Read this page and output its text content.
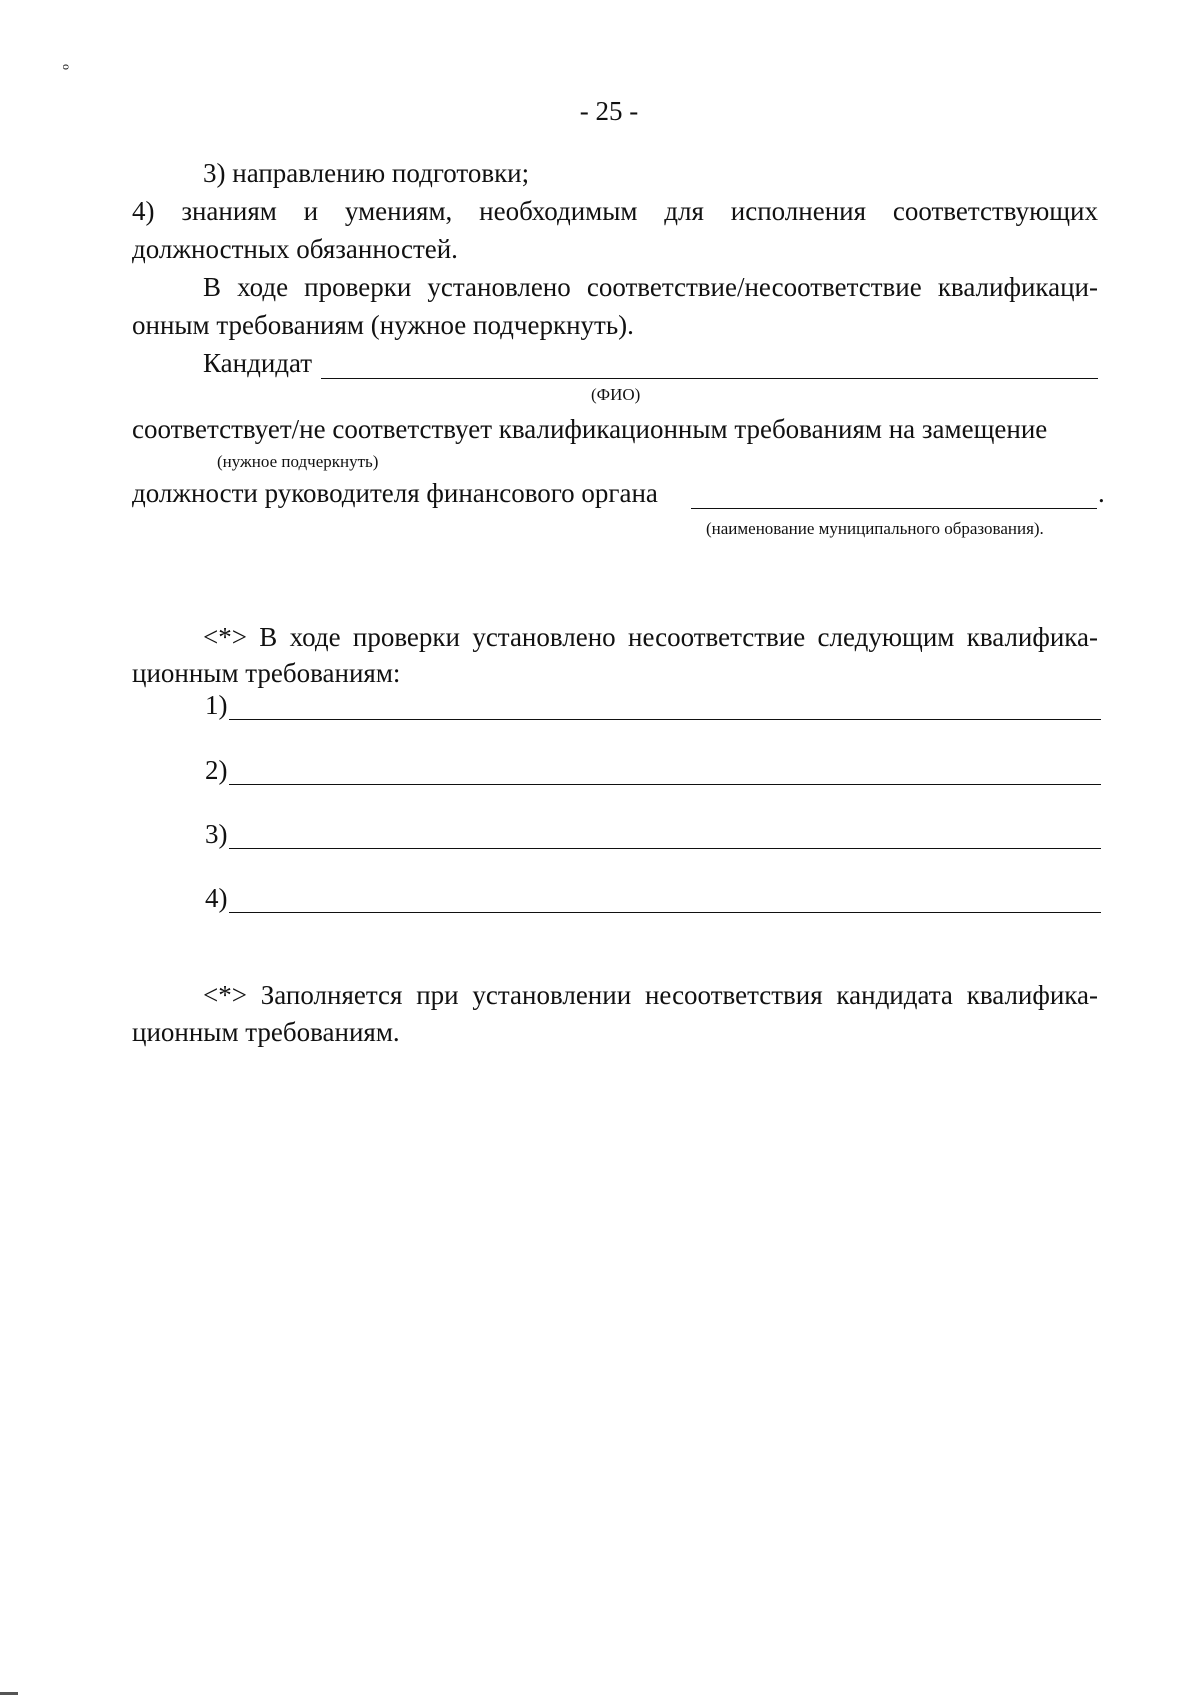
o
- 25 -
3) направлению подготовки;
4) знаниям и умениям, необходимым для исполнения соответствующих
должностных обязанностей.
В ходе проверки установлено соответствие/несоответствие квалификаци-
онным требованиям (нужное подчеркнуть).
Кандидат
(ФИО)
соответствует/не соответствует квалификационным требованиям на замещение
(нужное подчеркнуть)
должности руководителя финансового органа	.
(наименование муниципального образования).
<*> В ходе проверки установлено несоответствие следующим квалифика-
ционным требованиям:
1)
2)
3)
4)
<*> Заполняется при установлении несоответствия кандидата квалифика-
ционным требованиям.
